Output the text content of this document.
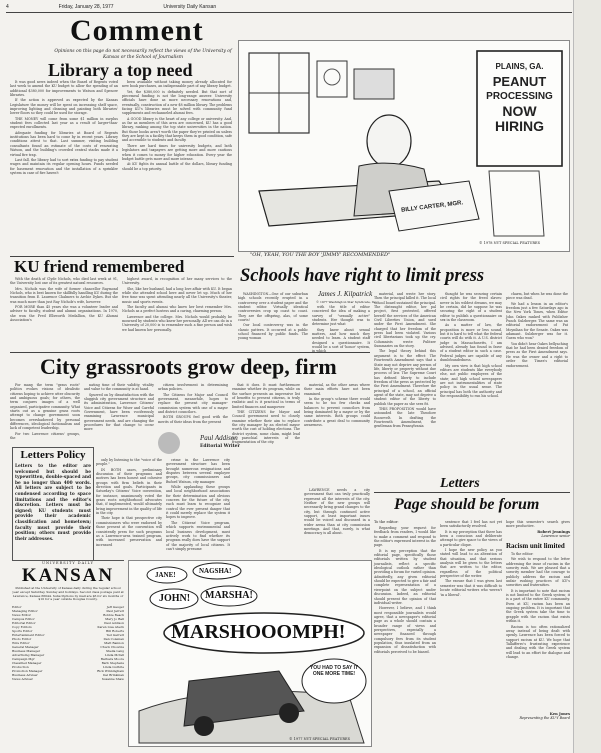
4	Friday, January 28, 1977	University Daily Kansan
Comment
Opinions on this page do not necessarily reflect the views of the University of Kansas or the School of Journalism
Library a top need

It was good news indeed when the Board of Regents voted last week to amend the KU budget to allow the spending of an additional $380,000 for improvements to Watson and Spencer libraries.

If the action is approved as expected by the Kansas Legislature the money will be spent on increasing shelf space, improving lighting and cleaning and painting both libraries' lower floors so they could be used for storage.

THE MONEY will come from some $1 million in surplus student fees collected last year as a result of larger-than-expected enrollments.

Adequate funding for libraries at Board of Regents institutions has been hard to come by in recent years. Library conditions attest to that. Last summer, visiting building consultants found an estimate of the costs of renovating Watson, and the building's crowded central stacks made it a virtual fire trap.

Last fall, the library had to sort extra funding to pay student wages and maintain its regular opening hours. Funds needed for basement renovation and the installation of a sprinkler system in case of fire haven't

been available without taking money already allocated for new book purchases, an indispensable part of any library budget.

Yet, the $380,000 is definitely needed. But that sort of piecemeal funding is not the long-range answer. University officials have done as more necessary renovations and, eventually, construction of a new $8 million library. The problems facing KU's libraries must be solved with community fund supplements and rechanneled alumni fees.

A GOOD library is the heart of any college or university. And, as far as members of this area are concerned, KU has a good library, ranking among the top state universities in the nation. But those books aren't worth the paper they're printed on unless they are kept in a facility that keeps them in good condition, safe and accessible to students and faculty.

There are hard times for university budgets, and both legislators and taxpayers are getting more and more cautious when it comes to money for higher education. Every year the budget battle gets more and more intense.

At KU fights its annual battle of the dollars, library funding should be a top priority.

PLAINS, GA.
PEANUT
PROCESSING
NOW
HIRING
BILLY CARTER, MGR.
© 1978 NYT SPECIAL FEATURES
"OH, YEAH, YOU THE BOY 'JIMMY' RECOMMENDED"
KU friend remembered

With the death of Clyde Nichols, who died last week at 91, the University lost one of its greatest natural resources.

Mrs. Nichols was the wife of former chancellor Raymond Nichols, who is best known for skillfully handling KU during the transition from E. Laurence Chalmers to Archie Dykes. But she was much more than just Ray Nichols's wife, however.

FOR MORE than 45 years she was a volunteer leader and adviser to faculty, student and alumni organizations. In 1970, she won the Fred Ellsworth Medallion, the KU Alumni Association's

highest award, in recognition of her many services to the University.

She, like her husband, had a long love affair with KU. It began while she attended school here and never let up. Much of her free time was spent attending nearly all the University's theater, music and sports events.

The faculty and alumni who knew her best remember Mrs. Nichols as a perfect hostess and a caring, charming person.

Lawrence and the college. Mrs. Nichols would probably be mourned by students who knew her personally. All we can do in a University of 20,000 is to remember such a fine person and wish we had known her personally.

Schools have right to limit press
James J. Kilpatrick
© 1977 Washington Star Syndicate, Inc.

WASHINGTON—One of our suburban high schools recently erupted in a controversy over a student paper and the student editor. Virtually identical controversies crop up coast to coast. They are the offspring, alas, of some courts!

Our local controversy was in the classic pattern. It occurred at a public school financed by public funds. The young woman

with the title of editor conceived the idea of making a survey of "sexually active" students. Her thought was to determine just what

they knew about sexual matters, and how much they needed to learn. A student staff designed a questionnaire. It would be a sort of 'honor' system,

material, and wrote her story. Then the principal killed it. The local school board sustained the principal. The distraught editor, her pal project, first protested, offered herself the services of the American Civil Liberties Union, and sued under the First Amendment. She charged that her freedom of the press had been violated. Various civil libertarians took up the cry. Columnists wrote Pulitzer Summaries on the story.

The legal theory behind this argument is to the effect: The Fourteenth Amendment says that a State may not deprive any person of life, liberty or property without due process of law. The Supreme Court has defined liberty to include freedom of the press as protected by the First Amendment. Therefore the principal of a school, an official agent of the state, may not deprive a student editor of the liberty to publish the paper as she sees fit.

THIS PROPOSITION would have astounded the late Theodore Roosevelt. In drafting the Fourteenth Amendment, the gentleman from Pennsylvania

thought he was securing certain civil rights for the freed slaves: never in his wildest dreams, we may be certain, did he suppose he was securing the right of a student editor to publish a questionnaire on sex in the classroom.

As a matter of law, the proposition is more or less sound, but it is hard to tell what the federal courts will do with it. A U.S. district judge in Massachusetts, I am advised, already has found in favor of a student editor in such a case. Federal judges are capable of any dumbfoundedness.

My own view is that high school editors are students like everybody else, not public employees of the state; and high school newspapers are not instrumentalities of state policy in the usual sense. The principal has both the authority and the responsibility to run his school.

charm, but when he was done the piece was dead.

We had a lesson in an editor's freedom just a few Saturdays ago in the New York Times, when Editor John Oakes ranked with Publisher Punch Sulzberger. The same was an editorial endorsement of Pat Moynihan for the Senate. Oakes was adamant. Sulzberger was for it. Guess who won?

You didn't hear Oakes bellyaching that he had been denied freedom of press as the First Amendment says. He was the owner and a right to order the Times's editorial endorsement.

City grassroots grow deep, firm

For many, the term "grass roots" politics evokes visions of idealistic citizens hoping to achieve utter obscurity and ambiguous goals; for others, the term conjures images of a well organized, participative community. What starts out as a genuine grass roots attempt to change government soon becomes overshadowed by personal differences, ideological factionalism and lack of competent leadership.

For two Lawrence citizens' groups, the

nating time of their validity, vitality and value to the community is at hand.

Spurred on by dissatisfaction with the sluggish city government structure and its administration, Lawrence Citizens' Voice and Citizens for Wiser and Careful Government, have been vociferously examining Lawrence municipal government needs, and are changing the procedures for that change to occur more

citizen involvement in determining urban policies.

The Citizens for Major and Council government, meanwhile, hopes to replace the present city manager-commission system with one of a mayor and district councilors.

BOTH GROUPS feel good with the merits of their ideas from the present

that it does. It must furthermore examine whether its program, while on the surface presents an impressive list of benefits to present citizens, is truly realistic and is it practical in terms of limited finances and manpower.

THE CITIZENS for Mayor and Council government need to closely examine whether their aim to replace the city manager by an elected mayor worth the cost of holding elections. The district system, some claim, might lead to parochial interests of the fragmentation of the city.

material, as the other areas where their main efforts have not been examined.

In the group's scheme there would seem to be too few checks and balances to prevent councilors from being dominated by a mayor or by the same interests. Both groups could contribute a great deal to community awareness.

Letters Policy
Letters to the editor are welcomed but should be typewritten, double-spaced and be no longer than 400 words. All letters are subject to be condensed according to space limitations and the editor's discretion. Letters must be signed; KU students must provide their academic classification and hometown; faculty must provide their position; others must provide their addresses.
Paul Addison
Editorial Writer

only by listening to the "voice of the people."

IN BOTH cases, preliminary discussion of their programs and motives has been honest and cohesive groups with firm beliefs in their direction and goals. Participants in Saturday's Citizens' Voice convention, for instance, unanimously voted the grass roots neighborhood advocates that, if implemented, would ultimately bring improvement in the quality of life in the city.

Their hope is that prospective city commissioners who were endorsed by those present at the convention will consistently press for such programs as a Lawrence-area trained program, with increased preservation and increased

crime in the Lawrence city government structure has been brought numerous resignations and disputes between several employee groups, city commissioners and Buford Watson, city manager.

While applauding these groups and local neighborhood associations for their determination and obvious concern for the future of the city, each must learn to recognize and control the ever present danger that it could merely replace the system it hopes to improve.

The Citizens' Voice program, which supports environmental and local business development, must actively work to find whether its program really does have the support of the majority of local citizens. It can't simply presume

LAWRENCE needs a city government that can truly practically represent all the interests of the city. Neither of the new groups will necessarily bring grand changes to the city, but through continued active support, at least important issues would be voiced and discussed in a wider arena than at city commission meetings. And that, surely, is what democracy is all about.

UNIVERSITY DAILY
KANSAN
Published at the University of Kansas daily during the regular school year except Saturday, Sunday and holidays. Second class postage paid at Lawrence, Kansas 66044. Subscriptions by mail are $6 for six months or $10 for a year outside Douglas County.
Editor	Jeff Gauger
Managing Editor	Paul Jarrett
News Editor	Bobbie Beach
Campus Editor	Mary Jo Ball
Editorial Editor	Paul Addison
Copy Editors	Karen Lisa Ahern
Sports Editor	Bill Roberts
Entertainment Editor	Ted Garrett
Photo Editor	Dan Coleman
Wire Editor	Matt Bannon
General Manager	Chuck Chowins
Business Manager	Sheila Lang
Advertising Manager	Linda Mcfall
Campaign Mgr	Barbara Moore
Classified Manager	Barb Stephens
Production	Linda Guthrie
Promotion Manager	Rick Winningham
Business Adviser	Del Brinkman
News Adviser	Susanne Shaw
JANE!	NAGSHA!
JOHN! MARSHA!
MARSHOOOMPH!
YOU HAD TO SAY IT ONE MORE TIME!
© 1977 NYT SPECIAL FEATURES
Letters
Page should be forum
To the editor:

Regarding your request for feedback from readers, I would like to make a comment and respond to the editor's expressed interest in the page.

It is my perception that the editorial page, specifically those editorials written by student journalists, reflect a specific ideological outlook rather than providing a forum for varied opinion. Admittedly, any given editorial should be expected to give a fair and complete representation of a viewpoint on the subject under discussion. Indeed, an editorial should present the opinion of that individual writer.

However, I believe, and I think most responsible journalists would agree, that a newspaper's editorial page as a whole should contain a broader range of views and perspectives, especially a newspaper financed through compulsory fees from its student population, thus insulated from an expansion of dissatisfaction with editorials perceived to be biased.

sentence that I feel has not yet been satisfactorily resolved.

It is my perception that there has been a conscious and deliberate attempt to give space to the views of a particular clique.

I hope the new policy as you stated will lead to an alteration of that situation, and that serious analysis will be given to the letters that are written to the editor, regardless of the political perspective of the writer.

The excuse that I was given last semester was that it was difficult to locate editorial writers who weren't 'in a liberal'.

hope this semester's search gives more productive.
Robert Jennings
Lawrence senior
Racism unit limited

To the editor:

We wish to respond to the letter addressing the issue of racism in the sorority rush. We are pleased that a sorority member had the courage to publicly address the racism and unfair rushing practices of KU's sororities and fraternities.

It is important to note that racism is not limited to the Greek system; it is a part of the entire KU community. Even at KU, racism has been an ongoing problem. It is important that the Greek system take the time to grapple with the racism that exists within it.

Racism is too often rationalized away instead of being dealt with openly. Lawrence has been forced to support racism at KU. We hope that Tallafferro's frustrating experience and dealing with the Greek system will lead to an effort for dialogue and change.

Ken Jones
Representing the KU-Y Board
